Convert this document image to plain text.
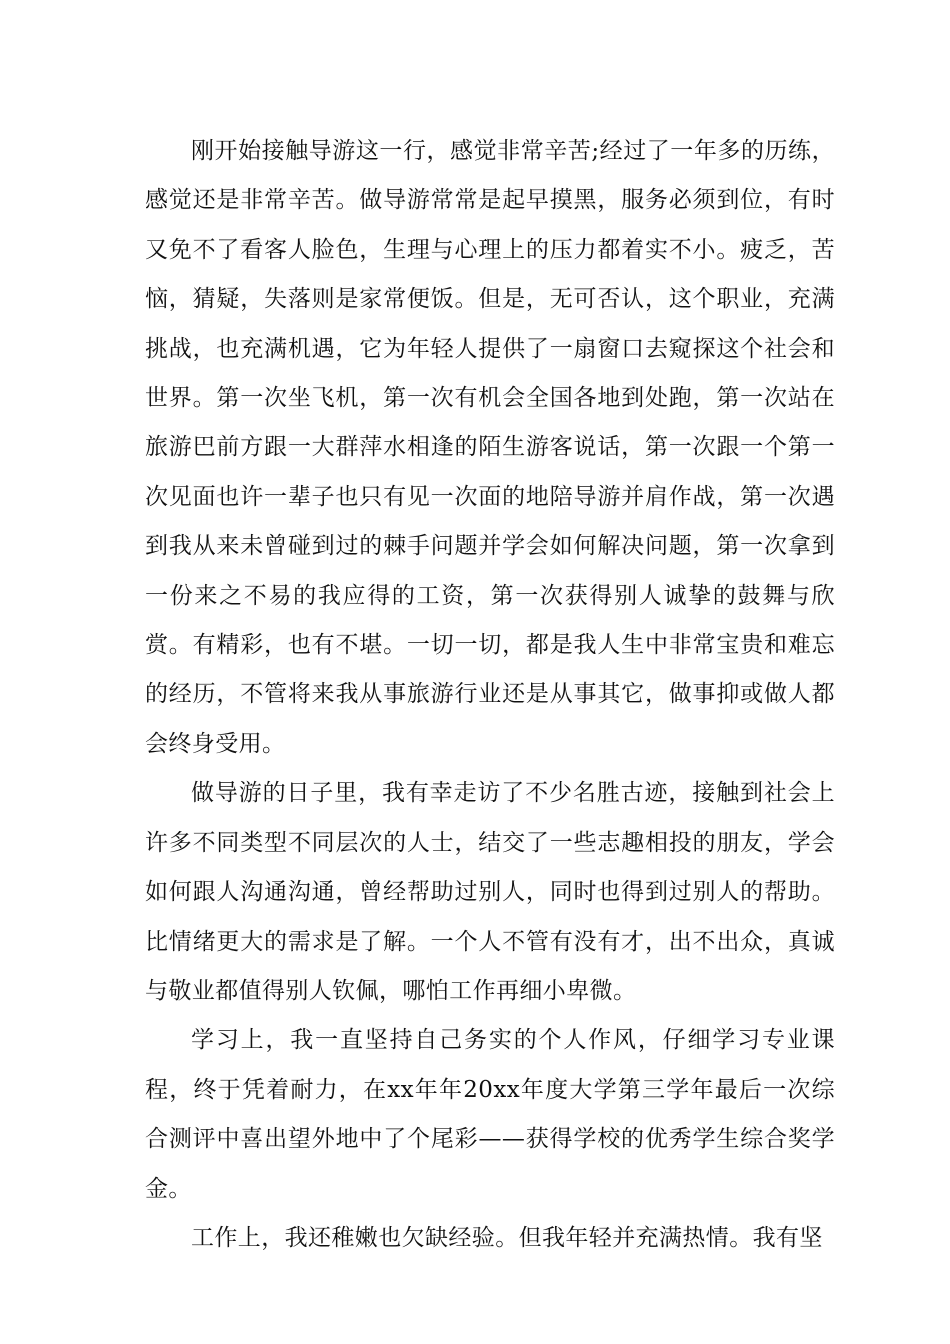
刚开始接触导游这一行，感觉非常辛苦;经过了一年多的历练，感觉还是非常辛苦。做导游常常是起早摸黑，服务必须到位，有时又免不了看客人脸色，生理与心理上的压力都着实不小。疲乏，苦恼，猜疑，失落则是家常便饭。但是，无可否认，这个职业，充满挑战，也充满机遇，它为年轻人提供了一扇窗口去窥探这个社会和世界。第一次坐飞机，第一次有机会全国各地到处跑，第一次站在旅游巴前方跟一大群萍水相逢的陌生游客说话，第一次跟一个第一次见面也许一辈子也只有见一次面的地陪导游并肩作战，第一次遇到我从来未曾碰到过的棘手问题并学会如何解决问题，第一次拿到一份来之不易的我应得的工资，第一次获得别人诚挚的鼓舞与欣赏。有精彩，也有不堪。一切一切，都是我人生中非常宝贵和难忘的经历，不管将来我从事旅游行业还是从事其它，做事抑或做人都会终身受用。

做导游的日子里，我有幸走访了不少名胜古迹，接触到社会上许多不同类型不同层次的人士，结交了一些志趣相投的朋友，学会如何跟人沟通沟通，曾经帮助过别人，同时也得到过别人的帮助。比情绪更大的需求是了解。一个人不管有没有才，出不出众，真诚与敬业都值得别人钦佩，哪怕工作再细小卑微。

学习上，我一直坚持自己务实的个人作风，仔细学习专业课程，终于凭着耐力，在xx年年20xx年度大学第三学年最后一次综合测评中喜出望外地中了个尾彩——获得学校的优秀学生综合奖学金。

工作上，我还稚嫩也欠缺经验。但我年轻并充满热情。我有坚
